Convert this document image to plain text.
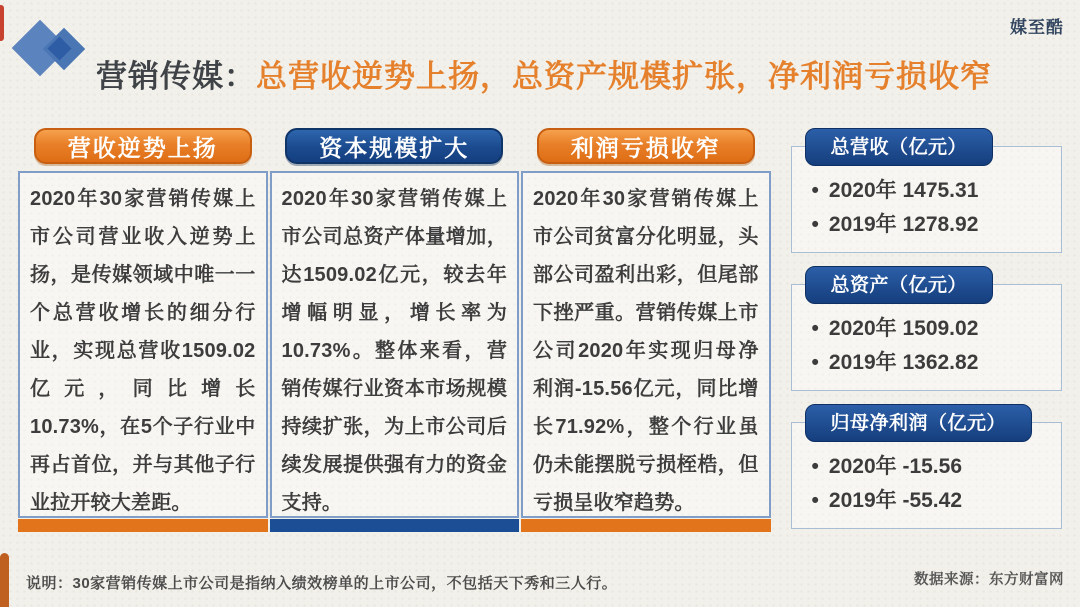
营销传媒：总营收逆势上扬，总资产规模扩张，净利润亏损收窄
媒至酷
营收逆势上扬

2020年30家营销传媒上市公司营业收入逆势上扬，是传媒领域中唯一一个总营收增长的细分行业，实现总营收1509.02亿元，同比增长10.73%，在5个子行业中再占首位，并与其他子行业拉开较大差距。

资本规模扩大

2020年30家营销传媒上市公司总资产体量增加，达1509.02亿元，较去年增幅明显，增长率为10.73%。整体来看，营销传媒行业资本市场规模持续扩张，为上市公司后续发展提供强有力的资金支持。

利润亏损收窄

2020年30家营销传媒上市公司贫富分化明显，头部公司盈利出彩，但尾部下挫严重。营销传媒上市公司2020年实现归母净利润-15.56亿元，同比增长71.92%，整个行业虽仍未能摆脱亏损桎梏，但亏损呈收窄趋势。

总营收（亿元）
• 2020年 1475.31
• 2019年 1278.92
总资产（亿元）
• 2020年 1509.02
• 2019年 1362.82
归母净利润（亿元）
• 2020年 -15.56
• 2019年 -55.42
说明：30家营销传媒上市公司是指纳入绩效榜单的上市公司，不包括天下秀和三人行。	数据来源：东方财富网
